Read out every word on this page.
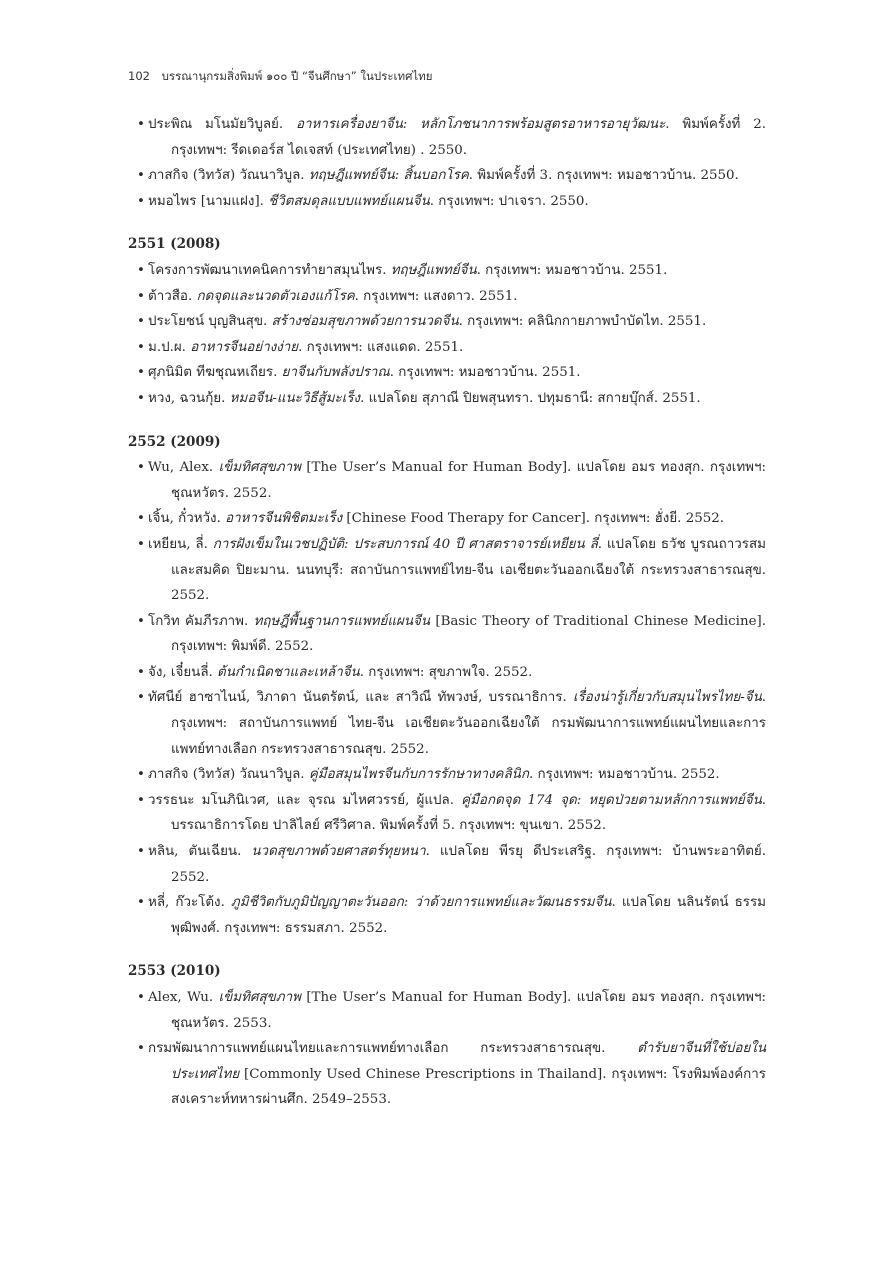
102 บรรณานุกรมสิ่งพิมพ์ ๑๐๐ ปี “จีนศึกษา” ในประเทศไทย
• ประพิณ มโนมัยวิบูลย์. อาหารเครื่องยาจีน: หลักโภชนาการพร้อมสูตรอาหารอายุวัฒนะ. พิมพ์ครั้งที่ 2. กรุงเทพฯ: รีดเดอร์ส ไดเจสท์ (ประเทศไทย) . 2550.
• ภาสกิจ (วิทวัส) วัณนาวิบูล. ทฤษฎีแพทย์จีน: สิ้นบอกโรค. พิมพ์ครั้งที่ 3. กรุงเทพฯ: หมอชาวบ้าน. 2550.
• หมอไพร [นามแฝง]. ชีวิตสมดุลแบบแพทย์แผนจีน. กรุงเทพฯ: ปาเจรา. 2550.
2551 (2008)
• โครงการพัฒนาเทคนิคการทำยาสมุนไพร. ทฤษฎีแพทย์จีน. กรุงเทพฯ: หมอชาวบ้าน. 2551.
• ต้าวสือ. กดจุดและนวดตัวเองแก้โรค. กรุงเทพฯ: แสงดาว. 2551.
• ประโยชน์ บุญสินสุข. สร้างซ่อมสุขภาพด้วยการนวดจีน. กรุงเทพฯ: คลินิกกายภาพบำบัดไท. 2551.
• ม.ป.ผ. อาหารจีนอย่างง่าย. กรุงเทพฯ: แสงแดด. 2551.
• ศุภนิมิต ทีฆชุณหเถียร. ยาจีนกับพลังปราณ. กรุงเทพฯ: หมอชาวบ้าน. 2551.
• หวง, ฉวนกุ้ย. หมอจีน-แนะวิธีสู้มะเร็ง. แปลโดย สุภาณี ปิยพสุนทรา. ปทุมธานี: สกายบุ๊กส์. 2551.
2552 (2009)
• Wu, Alex. เข็มทิศสุขภาพ [The User’s Manual for Human Body]. แปลโดย อมร ทองสุก. กรุงเทพฯ: ชุณหวัตร. 2552.
• เจิ้น, กั๋วหวัง. อาหารจีนพิชิตมะเร็ง [Chinese Food Therapy for Cancer]. กรุงเทพฯ: ฮั่งยี. 2552.
• เหยียน, ลี่. การฝังเข็มในเวชปฏิบัติ: ประสบการณ์ 40 ปี ศาสตราจารย์เหยียน ลี่. แปลโดย ธวัช บูรณถาวรสม และสมคิด ปิยะมาน. นนทบุรี: สถาบันการแพทย์ไทย-จีน เอเชียตะวันออกเฉียงใต้ กระทรวงสาธารณสุข. 2552.
• โกวิท คัมภีรภาพ. ทฤษฎีพื้นฐานการแพทย์แผนจีน [Basic Theory of Traditional Chinese Medicine]. กรุงเทพฯ: พิมพ์ดี. 2552.
• จัง, เจี๋ยนลี่. ต้นกำเนิดชาและเหล้าจีน. กรุงเทพฯ: สุขภาพใจ. 2552.
• ทัศนีย์ ฮาซาไนน์, วิภาดา นันตรัตน์, และ สาวิณี ทัพวงษ์, บรรณาธิการ. เรื่องน่ารู้เกี่ยวกับสมุนไพรไทย-จีน. กรุงเทพฯ: สถาบันการแพทย์ ไทย-จีน เอเชียตะวันออกเฉียงใต้ กรมพัฒนาการแพทย์แผนไทยและการแพทย์ทางเลือก กระทรวงสาธารณสุข. 2552.
• ภาสกิจ (วิทวัส) วัณนาวิบูล. คู่มือสมุนไพรจีนกับการรักษาทางคลินิก. กรุงเทพฯ: หมอชาวบ้าน. 2552.
• วรรธนะ มโนภินิเวศ, และ จุรณ มไหศวรรย์, ผู้แปล. คู่มือกดจุด 174 จุด: หยุดป่วยตามหลักการแพทย์จีน. บรรณาธิการโดย ปาลิไลย์ ศรีวิศาล. พิมพ์ครั้งที่ 5. กรุงเทพฯ: ขุนเขา. 2552.
• หลิน, ตันเฉียน. นวดสุขภาพด้วยศาสตร์ทุยหนา. แปลโดย พีรยุ ดีประเสริฐ. กรุงเทพฯ: บ้านพระอาทิตย์. 2552.
• หลี่, ก๊วะโต้ง. ภูมิชีวิตกับภูมิปัญญาตะวันออก: ว่าด้วยการแพทย์และวัฒนธรรมจีน. แปลโดย นลินรัตน์ ธรรมพุฒิพงศ์. กรุงเทพฯ: ธรรมสภา. 2552.
2553 (2010)
• Alex, Wu. เข็มทิศสุขภาพ [The User’s Manual for Human Body]. แปลโดย อมร ทองสุก. กรุงเทพฯ: ชุณหวัตร. 2553.
• กรมพัฒนาการแพทย์แผนไทยและการแพทย์ทางเลือก กระทรวงสาธารณสุข. ตำรับยาจีนที่ใช้บ่อยในประเทศไทย [Commonly Used Chinese Prescriptions in Thailand]. กรุงเทพฯ: โรงพิมพ์องค์การสงเคราะห์ทหารผ่านศึก. 2549–2553.
